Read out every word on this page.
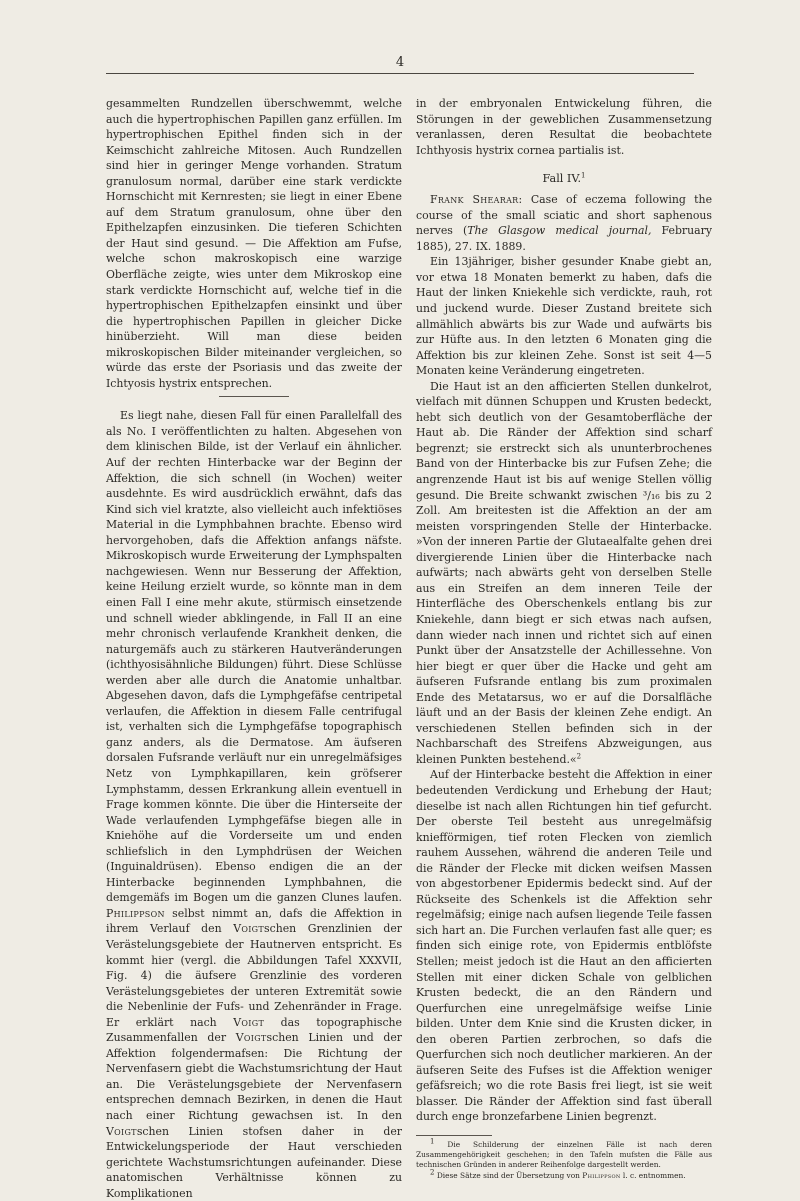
4

gesammelten Rundzellen überschwemmt, welche auch die hypertrophischen Papillen ganz erfüllen. Im hypertrophischen Epithel finden sich in der Keimschicht zahlreiche Mitosen. Auch Rundzellen sind hier in geringer Menge vorhanden. Stratum granulosum normal, darüber eine stark verdickte Hornschicht mit Kernresten; sie liegt in einer Ebene auf dem Stratum granulosum, ohne über den Epithelzapfen einzusinken. Die tieferen Schichten der Haut sind gesund. — Die Affektion am Fufse, welche schon makroskopisch eine warzige Oberfläche zeigte, wies unter dem Mikroskop eine stark verdickte Hornschicht auf, welche tief in die hypertrophischen Epithelzapfen einsinkt und über die hypertrophischen Papillen in gleicher Dicke hinüberzieht. Will man diese beiden mikroskopischen Bilder miteinander vergleichen, so würde das erste der Psoriasis und das zweite der Ichtyosis hystrix entsprechen.

Es liegt nahe, diesen Fall für einen Parallelfall des als No. I veröffentlichten zu halten. Abgesehen von dem klinischen Bilde, ist der Verlauf ein ähnlicher. Auf der rechten Hinterbacke war der Beginn der Affektion, die sich schnell (in Wochen) weiter ausdehnte. Es wird ausdrücklich erwähnt, dafs das Kind sich viel kratzte, also vielleicht auch infektiöses Material in die Lymphbahnen brachte. Ebenso wird hervorgehoben, dafs die Affektion anfangs näfste. Mikroskopisch wurde Erweiterung der Lymphspalten nachgewiesen. Wenn nur Besserung der Affektion, keine Heilung erzielt wurde, so könnte man in dem einen Fall I eine mehr akute, stürmisch einsetzende und schnell wieder abklingende, in Fall II an eine mehr chronisch verlaufende Krankheit denken, die naturgemäfs auch zu stärkeren Hautveränderungen (ichthyosisähnliche Bildungen) führt. Diese Schlüsse werden aber alle durch die Anatomie unhaltbar. Abgesehen davon, dafs die Lymphgefäfse centripetal verlaufen, die Affektion in diesem Falle centrifugal ist, verhalten sich die Lymphgefäfse topographisch ganz anders, als die Dermatose. Am äufseren dorsalen Fufsrande verläuft nur ein unregelmäfsiges Netz von Lymphkapillaren, kein gröfserer Lymphstamm, dessen Erkrankung allein eventuell in Frage kommen könnte. Die über die Hinterseite der Wade verlaufenden Lymphgefäfse biegen alle in Kniehöhe auf die Vorderseite um und enden schliefslich in den Lymphdrüsen der Weichen (Inguinaldrüsen). Ebenso endigen die an der Hinterbacke beginnenden Lymphbahnen, die demgemäfs im Bogen um die ganzen Clunes laufen. Philippson selbst nimmt an, dafs die Affektion in ihrem Verlauf den Voigtschen Grenzlinien der Verästelungsgebiete der Hautnerven entspricht. Es kommt hier (vergl. die Abbildungen Tafel XXXVII, Fig. 4) die äufsere Grenzlinie des vorderen Verästelungsgebietes der unteren Extremität sowie die Nebenlinie der Fufs- und Zehenränder in Frage. Er erklärt nach Voigt das topographische Zusammenfallen der Voigtschen Linien und der Affektion folgendermafsen: Die Richtung der Nervenfasern giebt die Wachstumsrichtung der Haut an. Die Verästelungsgebiete der Nervenfasern entsprechen demnach Bezirken, in denen die Haut nach einer Richtung gewachsen ist. In den Voigtschen Linien stofsen daher in der Entwickelungsperiode der Haut verschieden gerichtete Wachstumsrichtungen aufeinander. Diese anatomischen Verhältnisse können zu Komplikationen

in der embryonalen Entwickelung führen, die Störungen in der geweblichen Zusammensetzung veranlassen, deren Resultat die beobachtete Ichthyosis hystrix cornea partialis ist.

Fall IV.$^1$

Frank Shearar: Case of eczema following the course of the small sciatic and short saphenous nerves (The Glasgow medical journal, February 1885), 27. IX. 1889.

Ein 13jähriger, bisher gesunder Knabe giebt an, vor etwa 18 Monaten bemerkt zu haben, dafs die Haut der linken Kniekehle sich verdickte, rauh, rot und juckend wurde. Dieser Zustand breitete sich allmählich abwärts bis zur Wade und aufwärts bis zur Hüfte aus. In den letzten 6 Monaten ging die Affektion bis zur kleinen Zehe. Sonst ist seit 4—5 Monaten keine Veränderung eingetreten.

Die Haut ist an den afficierten Stellen dunkelrot, vielfach mit dünnen Schuppen und Krusten bedeckt, hebt sich deutlich von der Gesamtoberfläche der Haut ab. Die Ränder der Affektion sind scharf begrenzt; sie erstreckt sich als ununterbrochenes Band von der Hinterbacke bis zur Fufsen Zehe; die angrenzende Haut ist bis auf wenige Stellen völlig gesund. Die Breite schwankt zwischen ³/₁₆ bis zu 2 Zoll. Am breitesten ist die Affektion an der am meisten vorspringenden Stelle der Hinterbacke. »Von der inneren Partie der Glutaealfalte gehen drei divergierende Linien über die Hinterbacke nach aufwärts; nach abwärts geht von derselben Stelle aus ein Streifen an dem inneren Teile der Hinterfläche des Oberschenkels entlang bis zur Kniekehle, dann biegt er sich etwas nach aufsen, dann wieder nach innen und richtet sich auf einen Punkt über der Ansatzstelle der Achillessehne. Von hier biegt er quer über die Hacke und geht am äufseren Fufsrande entlang bis zum proximalen Ende des Metatarsus, wo er auf die Dorsalfläche läuft und an der Basis der kleinen Zehe endigt. An verschiedenen Stellen befinden sich in der Nachbarschaft des Streifens Abzweigungen, aus kleinen Punkten bestehend.«$^2$

Auf der Hinterbacke besteht die Affektion in einer bedeutenden Verdickung und Erhebung der Haut; dieselbe ist nach allen Richtungen hin tief gefurcht. Der oberste Teil besteht aus unregelmäfsig kniefförmigen, tief roten Flecken von ziemlich rauhem Aussehen, während die anderen Teile und die Ränder der Flecke mit dicken weifsen Massen von abgestorbener Epidermis bedeckt sind. Auf der Rückseite des Schenkels ist die Affektion sehr regelmäfsig; einige nach aufsen liegende Teile fassen sich hart an. Die Furchen verlaufen fast alle quer; es finden sich einige rote, von Epidermis entblöfste Stellen; meist jedoch ist die Haut an den afficierten Stellen mit einer dicken Schale von gelblichen Krusten bedeckt, die an den Rändern und Querfurchen eine unregelmäfsige weifse Linie bilden. Unter dem Knie sind die Krusten dicker, in den oberen Partien zerbrochen, so dafs die Querfurchen sich noch deutlicher markieren. An der äufseren Seite des Fufses ist die Affektion weniger gefäfsreich; wo die rote Basis frei liegt, ist sie weit blasser. Die Ränder der Affektion sind fast überall durch enge bronzefarbene Linien begrenzt.

$^1$ Die Schilderung der einzelnen Fälle ist nach deren Zusammengehörigkeit geschehen; in den Tafeln mufsten die Fälle aus technischen Gründen in anderer Reihenfolge dargestellt werden.

$^2$ Diese Sätze sind der Übersetzung von Philippson l. c. entnommen.
